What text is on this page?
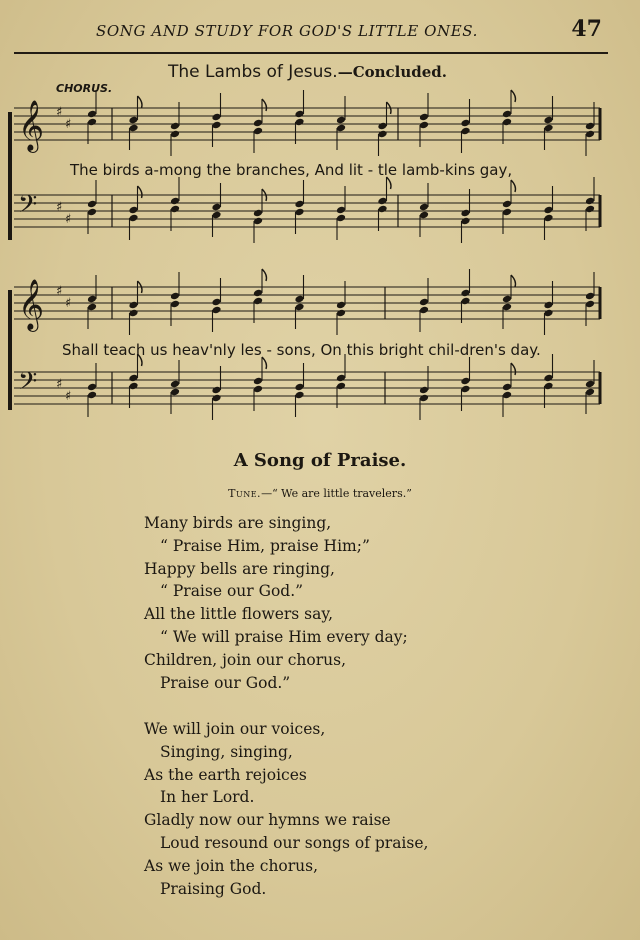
SONG AND STUDY FOR GOD'S LITTLE ONES.	47
The Lambs of Jesus.—Concluded.
CHORUS.
𝄞 ♯
♯
𝄢 ♯
♯
𝄞 ♯
♯
𝄢 ♯
♯
The birds a-mong the branches, And lit - tle lamb-kins gay,
Shall teach us heav'nly les - sons, On this bright chil-dren's day.
A Song of Praise.
Tune.—“ We are little travelers.”
Many birds are singing,
“ Praise Him, praise Him;”
Happy bells are ringing,
“ Praise our God.”
All the little flowers say,
“ We will praise Him every day;
Children, join our chorus,
Praise our God.”
We will join our voices,
Singing, singing,
As the earth rejoices
In her Lord.
Gladly now our hymns we raise
Loud resound our songs of praise,
As we join the chorus,
Praising God.
